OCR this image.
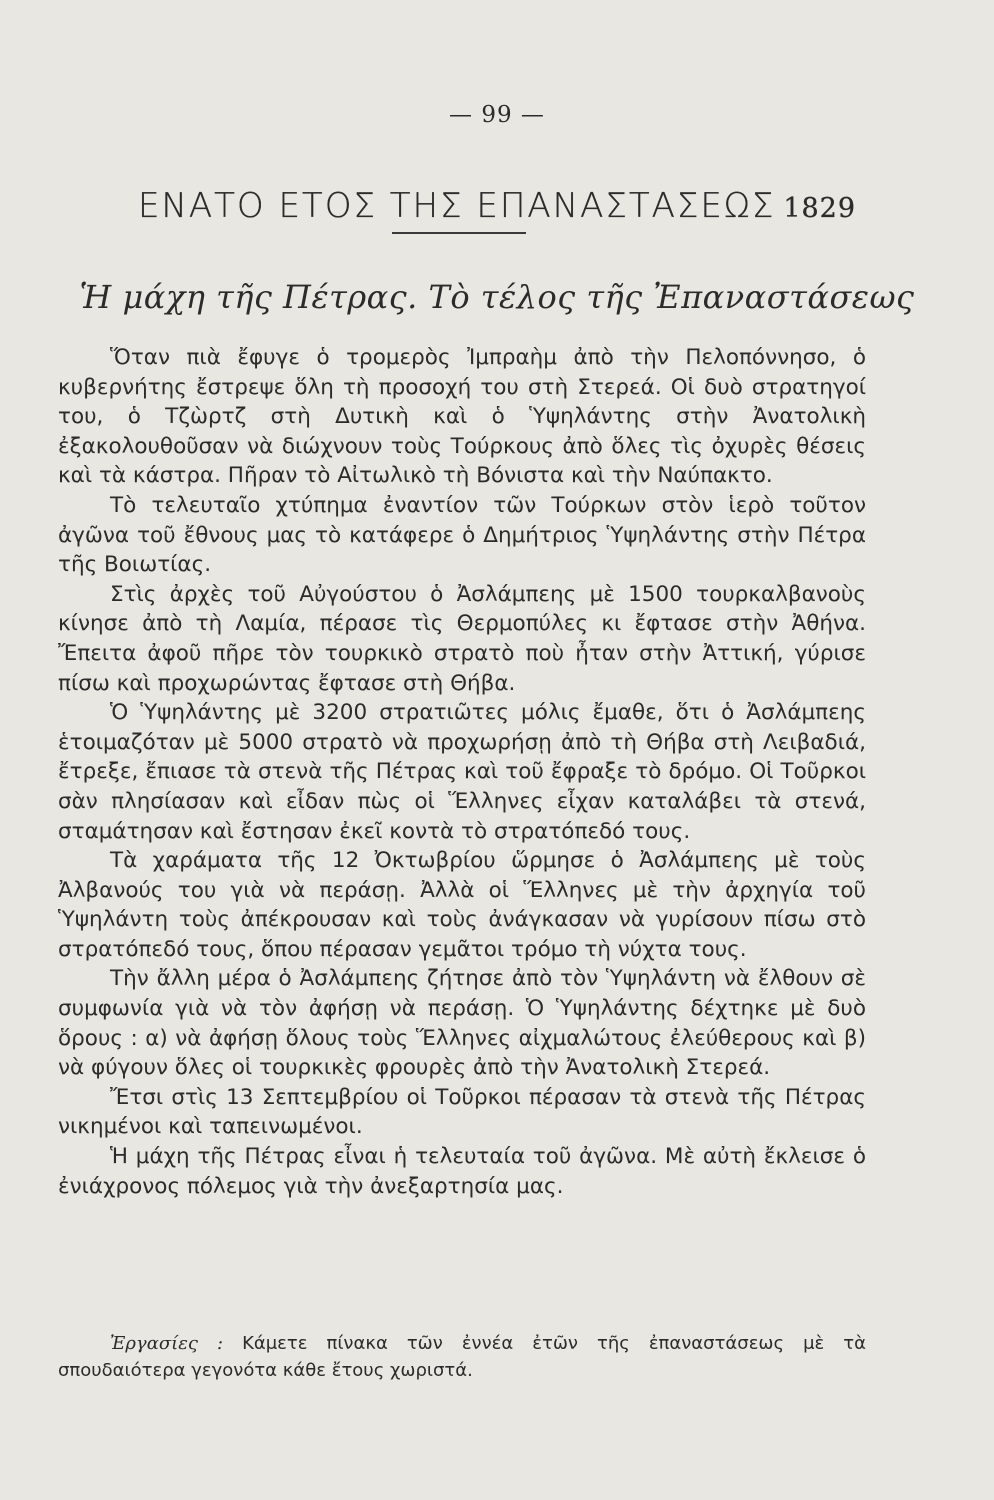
— 99 —
ΕΝΑΤΟ ΕΤΟΣ ΤΗΣ ΕΠΑΝΑΣΤΑΣΕΩΣ 1829
Ἡ μάχη τῆς Πέτρας. Τὸ τέλος τῆς Ἐπαναστάσεως

Ὅταν πιὰ ἔφυγε ὁ τρομερὸς Ἰμπραὴμ ἀπὸ τὴν Πελοπόννησο, ὁ κυβερνήτης ἔστρεψε ὅλη τὴ προσοχή του στὴ Στερεά. Οἱ δυὸ στρατηγοί του, ὁ Τζὼρτζ στὴ Δυτικὴ καὶ ὁ Ὑψηλάντης στὴν Ἀνατολικὴ ἐξακολουθοῦσαν νὰ διώχνουν τοὺς Τούρκους ἀπὸ ὅλες τὶς ὀχυρὲς θέσεις καὶ τὰ κάστρα. Πῆραν τὸ Αἰτωλικὸ τὴ Βόνιστα καὶ τὴν Ναύπακτο.

Τὸ τελευταῖο χτύπημα ἐναντίον τῶν Τούρκων στὸν ἱερὸ τοῦτον ἀγῶνα τοῦ ἔθνους μας τὸ κατάφερε ὁ Δημήτριος Ὑψηλάντης στὴν Πέτρα τῆς Βοιωτίας.

Στὶς ἀρχὲς τοῦ Αὐγούστου ὁ Ἀσλάμπεης μὲ 1500 τουρκαλβανοὺς κίνησε ἀπὸ τὴ Λαμία, πέρασε τὶς Θερμοπύλες κι ἔφτασε στὴν Ἀθήνα. Ἔπειτα ἀφοῦ πῆρε τὸν τουρκικὸ στρατὸ ποὺ ἦταν στὴν Ἀττική, γύρισε πίσω καὶ προχωρώντας ἔφτασε στὴ Θήβα.

Ὁ Ὑψηλάντης μὲ 3200 στρατιῶτες μόλις ἔμαθε, ὅτι ὁ Ἀσλάμπεης ἑτοιμαζόταν μὲ 5000 στρατὸ νὰ προχωρήσῃ ἀπὸ τὴ Θήβα στὴ Λειβαδιά, ἔτρεξε, ἔπιασε τὰ στενὰ τῆς Πέτρας καὶ τοῦ ἔφραξε τὸ δρόμο. Οἱ Τοῦρκοι σὰν πλησίασαν καὶ εἶδαν πὼς οἱ Ἕλληνες εἶχαν καταλάβει τὰ στενά, σταμάτησαν καὶ ἔστησαν ἐκεῖ κοντὰ τὸ στρατόπεδό τους.

Τὰ χαράματα τῆς 12 Ὀκτωβρίου ὥρμησε ὁ Ἀσλάμπεης μὲ τοὺς Ἀλβανούς του γιὰ νὰ περάσῃ. Ἀλλὰ οἱ Ἕλληνες μὲ τὴν ἀρχηγία τοῦ Ὑψηλάντη τοὺς ἀπέκρουσαν καὶ τοὺς ἀνάγκασαν νὰ γυρίσουν πίσω στὸ στρατόπεδό τους, ὅπου πέρασαν γεμᾶτοι τρόμο τὴ νύχτα τους.

Τὴν ἄλλη μέρα ὁ Ἀσλάμπεης ζήτησε ἀπὸ τὸν Ὑψηλάντη νὰ ἔλθουν σὲ συμφωνία γιὰ νὰ τὸν ἀφήσῃ νὰ περάσῃ. Ὁ Ὑψηλάντης δέχτηκε μὲ δυὸ ὅρους : α) νὰ ἀφήσῃ ὅλους τοὺς Ἕλληνες αἰχμαλώτους ἐλεύθερους καὶ β) νὰ φύγουν ὅλες οἱ τουρκικὲς φρουρὲς ἀπὸ τὴν Ἀνατολικὴ Στερεά.

Ἔτσι στὶς 13 Σεπτεμβρίου οἱ Τοῦρκοι πέρασαν τὰ στενὰ τῆς Πέτρας νικημένοι καὶ ταπεινωμένοι.

Ἡ μάχη τῆς Πέτρας εἶναι ἡ τελευταία τοῦ ἀγῶνα. Μὲ αὐτὴ ἔκλεισε ὁ ἐνιάχρονος πόλεμος γιὰ τὴν ἀνεξαρτησία μας.

Ἐργασίες : Κάμετε πίνακα τῶν ἐννέα ἐτῶν τῆς ἐπαναστάσεως μὲ τὰ σπουδαιότερα γεγονότα κάθε ἔτους χωριστά.
